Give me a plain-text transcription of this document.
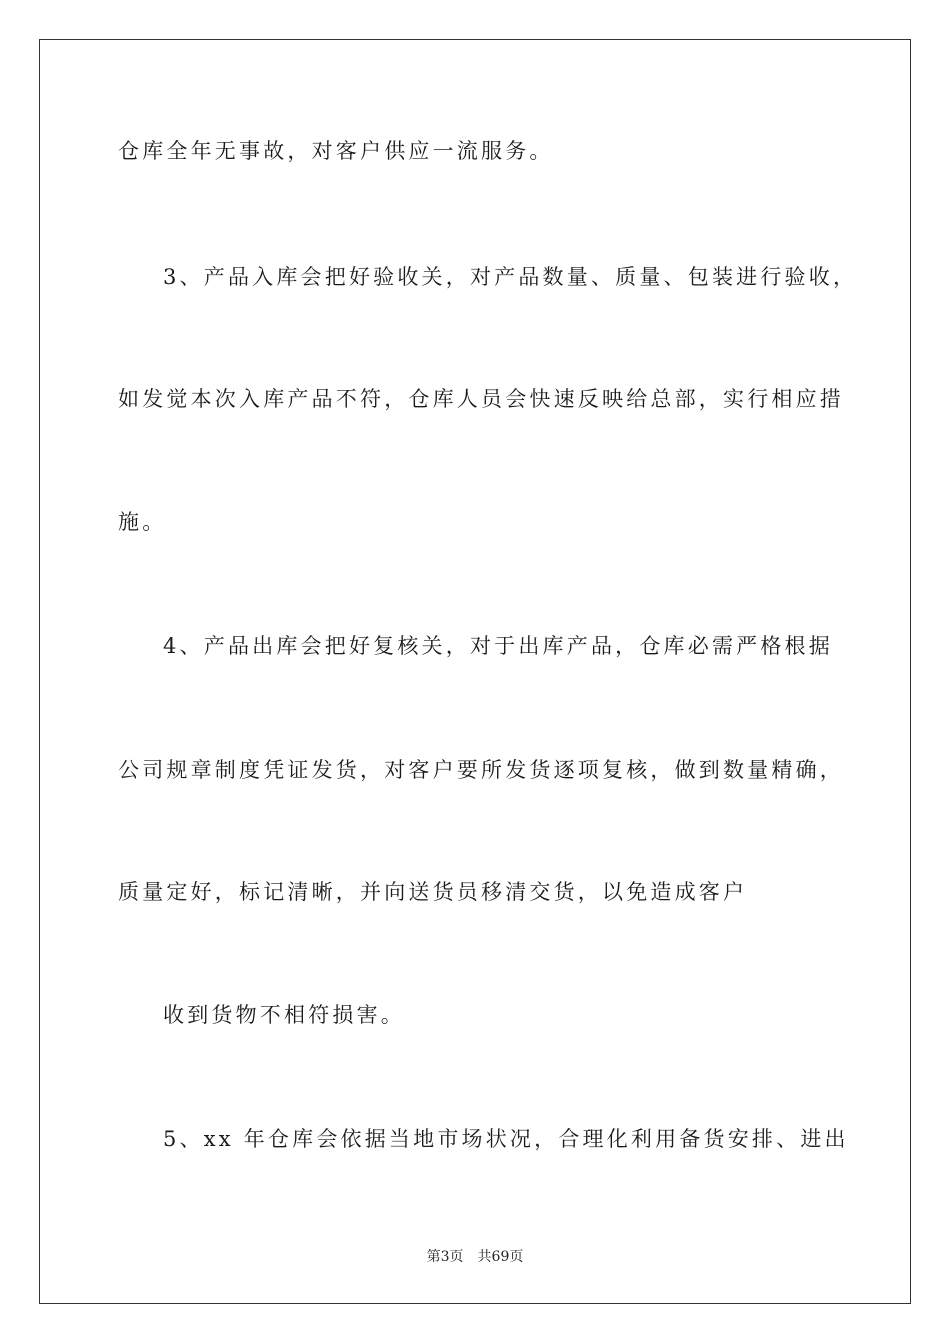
仓库全年无事故，对客户供应一流服务。
3、产品入库会把好验收关，对产品数量、质量、包装进行验收，
如发觉本次入库产品不符，仓库人员会快速反映给总部，实行相应措
施。
4、产品出库会把好复核关，对于出库产品，仓库必需严格根据
公司规章制度凭证发货，对客户要所发货逐项复核，做到数量精确，
质量定好，标记清晰，并向送货员移清交货，以免造成客户
收到货物不相符损害。
5、xx 年仓库会依据当地市场状况，合理化利用备货安排、进出
第3页 共69页
